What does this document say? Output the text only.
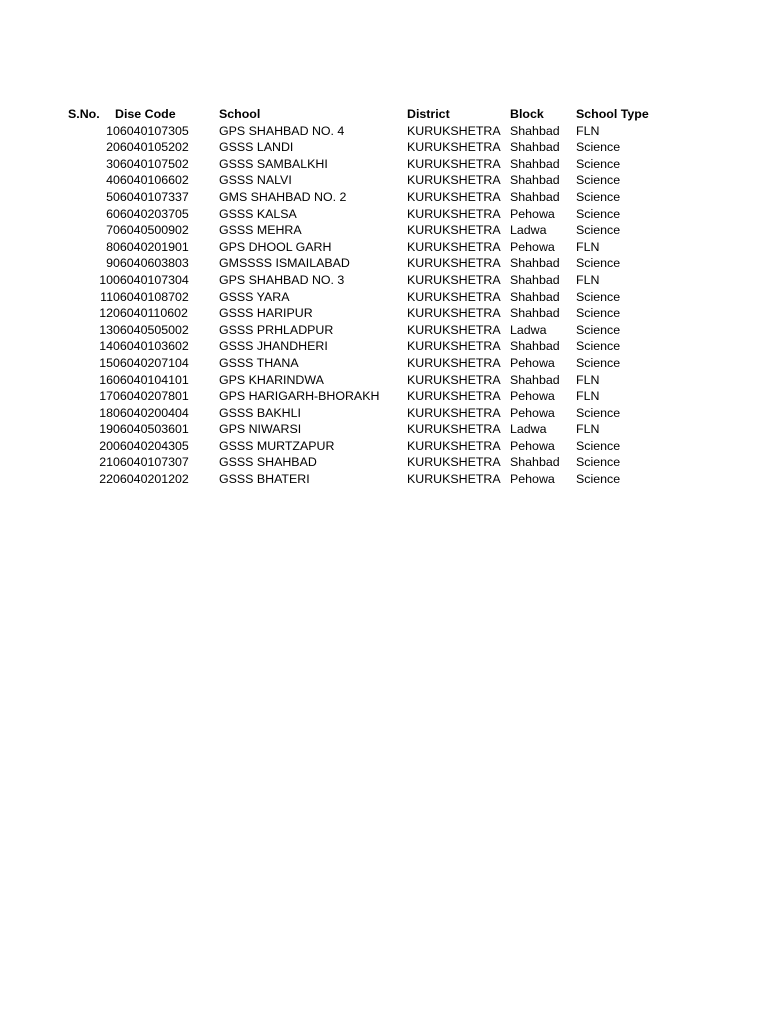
S.No.	Dise Code	School	District	Block	School Type
1	06040107305	GPS SHAHBAD NO. 4	KURUKSHETRA	Shahbad	FLN
2	06040105202	GSSS LANDI	KURUKSHETRA	Shahbad	Science
3	06040107502	GSSS SAMBALKHI	KURUKSHETRA	Shahbad	Science
4	06040106602	GSSS NALVI	KURUKSHETRA	Shahbad	Science
5	06040107337	GMS SHAHBAD NO. 2	KURUKSHETRA	Shahbad	Science
6	06040203705	GSSS KALSA	KURUKSHETRA	Pehowa	Science
7	06040500902	GSSS MEHRA	KURUKSHETRA	Ladwa	Science
8	06040201901	GPS DHOOL GARH	KURUKSHETRA	Pehowa	FLN
9	06040603803	GMSSSS ISMAILABAD	KURUKSHETRA	Shahbad	Science
10	06040107304	GPS SHAHBAD NO. 3	KURUKSHETRA	Shahbad	FLN
11	06040108702	GSSS YARA	KURUKSHETRA	Shahbad	Science
12	06040110602	GSSS HARIPUR	KURUKSHETRA	Shahbad	Science
13	06040505002	GSSS PRHLADPUR	KURUKSHETRA	Ladwa	Science
14	06040103602	GSSS JHANDHERI	KURUKSHETRA	Shahbad	Science
15	06040207104	GSSS THANA	KURUKSHETRA	Pehowa	Science
16	06040104101	GPS KHARINDWA	KURUKSHETRA	Shahbad	FLN
17	06040207801	GPS HARIGARH-BHORAKH	KURUKSHETRA	Pehowa	FLN
18	06040200404	GSSS BAKHLI	KURUKSHETRA	Pehowa	Science
19	06040503601	GPS NIWARSI	KURUKSHETRA	Ladwa	FLN
20	06040204305	GSSS MURTZAPUR	KURUKSHETRA	Pehowa	Science
21	06040107307	GSSS SHAHBAD	KURUKSHETRA	Shahbad	Science
22	06040201202	GSSS BHATERI	KURUKSHETRA	Pehowa	Science
